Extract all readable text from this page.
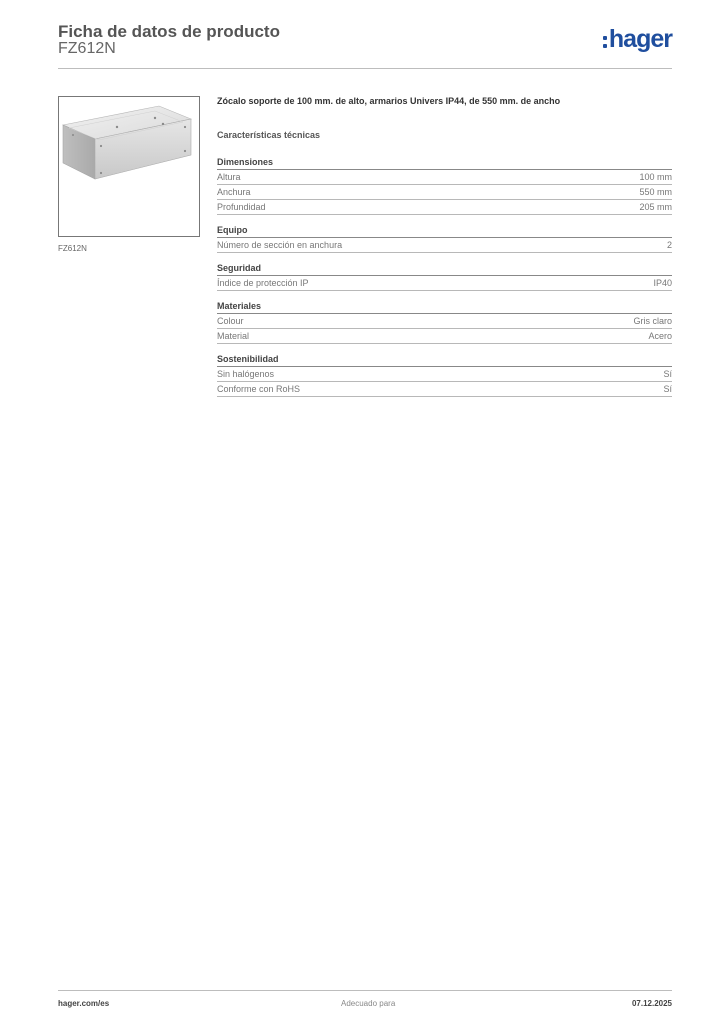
Ficha de datos de producto
FZ612N	hager
FZ612N

Zócalo soporte de 100 mm. de alto, armarios Univers IP44, de 550 mm. de ancho

Características técnicas

Dimensiones
Altura	100 mm
Anchura	550 mm
Profundidad	205 mm
Equipo
Número de sección en anchura	2
Seguridad
Índice de protección IP	IP40
Materiales
Colour	Gris claro
Material	Acero
Sostenibilidad
Sin halógenos	Sí
Conforme con RoHS	Sí
hager.com/es	Adecuado para	07.12.2025
